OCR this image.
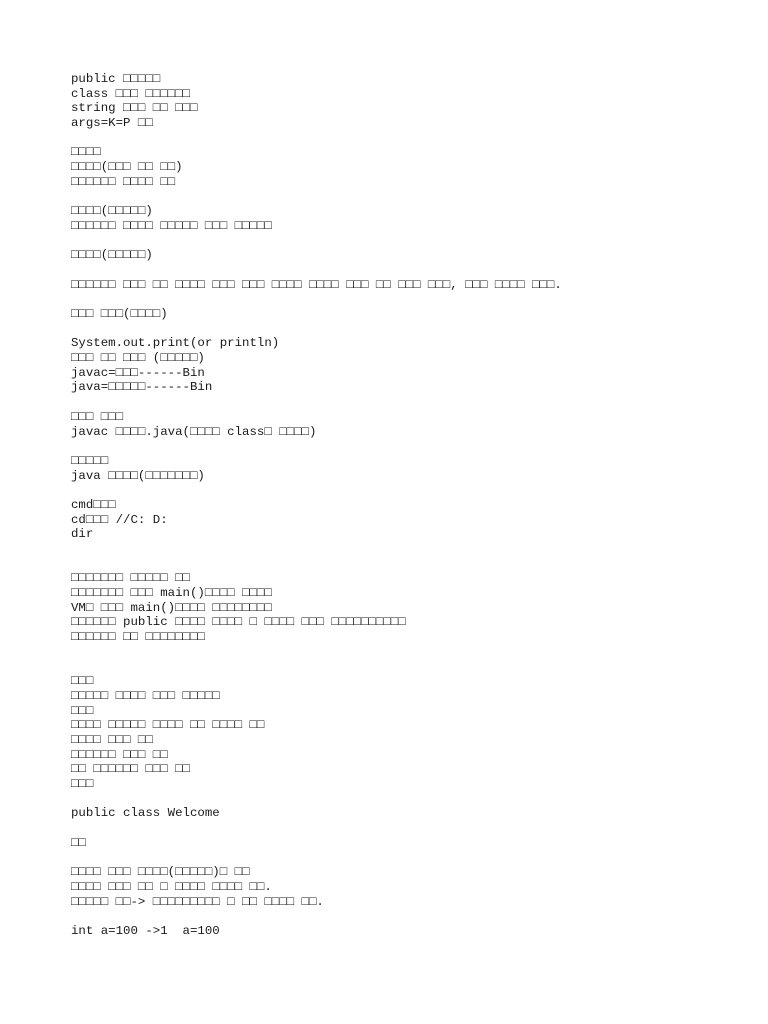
public □□□□□
class □□□ □□□□□□
string □□□ □□ □□□
args=K=P □□
□□□□
□□□□(□□□ □□ □□)
□□□□□□ □□□□ □□
□□□□(□□□□□)
□□□□□□ □□□□ □□□□□ □□□ □□□□□
□□□□(□□□□□)
□□□□□□ □□□ □□ □□□□ □□□ □□□ □□□□ □□□□ □□□ □□ □□□ □□□, □□□ □□□□ □□□.
□□□ □□□(□□□□)
System.out.print(or println)
□□□ □□ □□□ (□□□□□)
javac=□□□------Bin
java=□□□□□------Bin
□□□ □□□
javac □□□□.java(□□□□ class□ □□□□)
□□□□□
java □□□□(□□□□□□□)
cmd□□□
cd□□□ //C: D:
dir
□□□□□□□ □□□□□ □□
□□□□□□□ □□□ main()□□□□ □□□□
VM□ □□□ main()□□□□ □□□□□□□□
□□□□□□ public □□□□ □□□□ □ □□□□ □□□ □□□□□□□□□□
□□□□□□ □□ □□□□□□□□
□□□
□□□□□ □□□□ □□□ □□□□□
□□□
□□□□ □□□□□ □□□□ □□ □□□□ □□
□□□□ □□□ □□
□□□□□□ □□□ □□
□□ □□□□□□ □□□ □□
□□□
public class Welcome
□□
□□□□ □□□ □□□□(□□□□□)□ □□
□□□□ □□□ □□ □ □□□□ □□□□ □□.
□□□□□ □□-> □□□□□□□□□ □ □□ □□□□ □□.
int a=100 ->1  a=100
